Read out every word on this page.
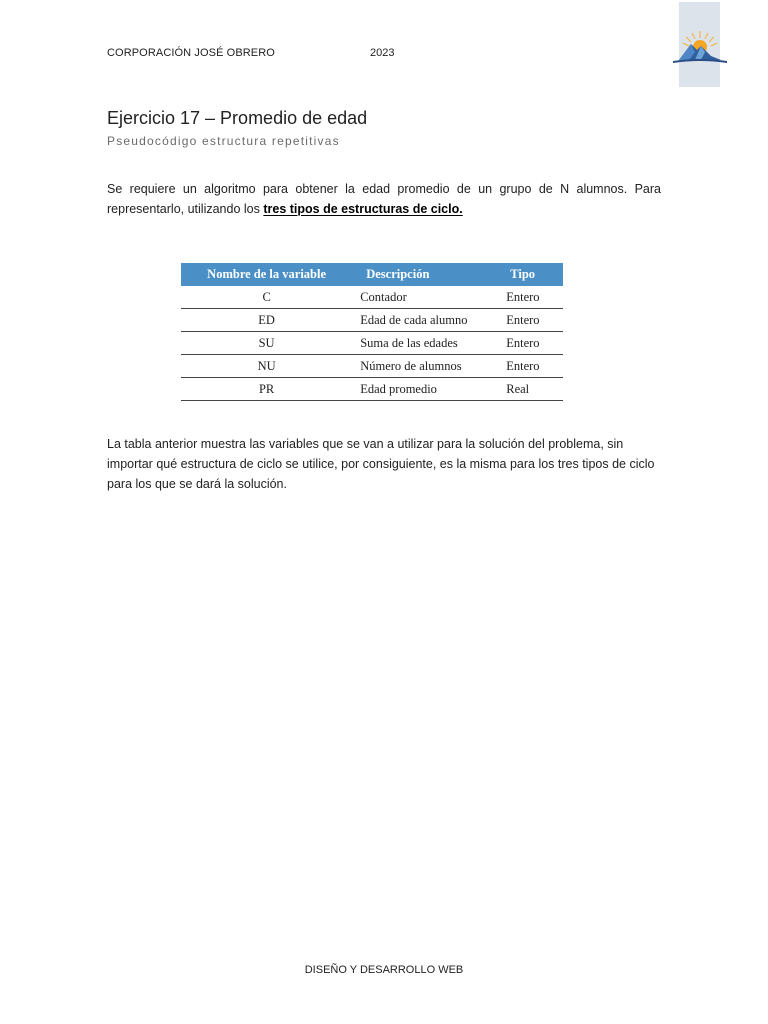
CORPORACIÓN JOSÉ OBRERO	2023
Ejercicio 17 – Promedio de edad
Pseudocódigo estructura repetitivas

Se requiere un algoritmo para obtener la edad promedio de un grupo de N alumnos. Para representarlo, utilizando los tres tipos de estructuras de ciclo.

Nombre de la variable	Descripción	Tipo
C	Contador	Entero
ED	Edad de cada alumno	Entero
SU	Suma de las edades	Entero
NU	Número de alumnos	Entero
PR	Edad promedio	Real

La tabla anterior muestra las variables que se van a utilizar para la solución del problema, sin importar qué estructura de ciclo se utilice, por consiguiente, es la misma para los tres tipos de ciclo para los que se dará la solución.

DISEÑO Y DESARROLLO WEB
